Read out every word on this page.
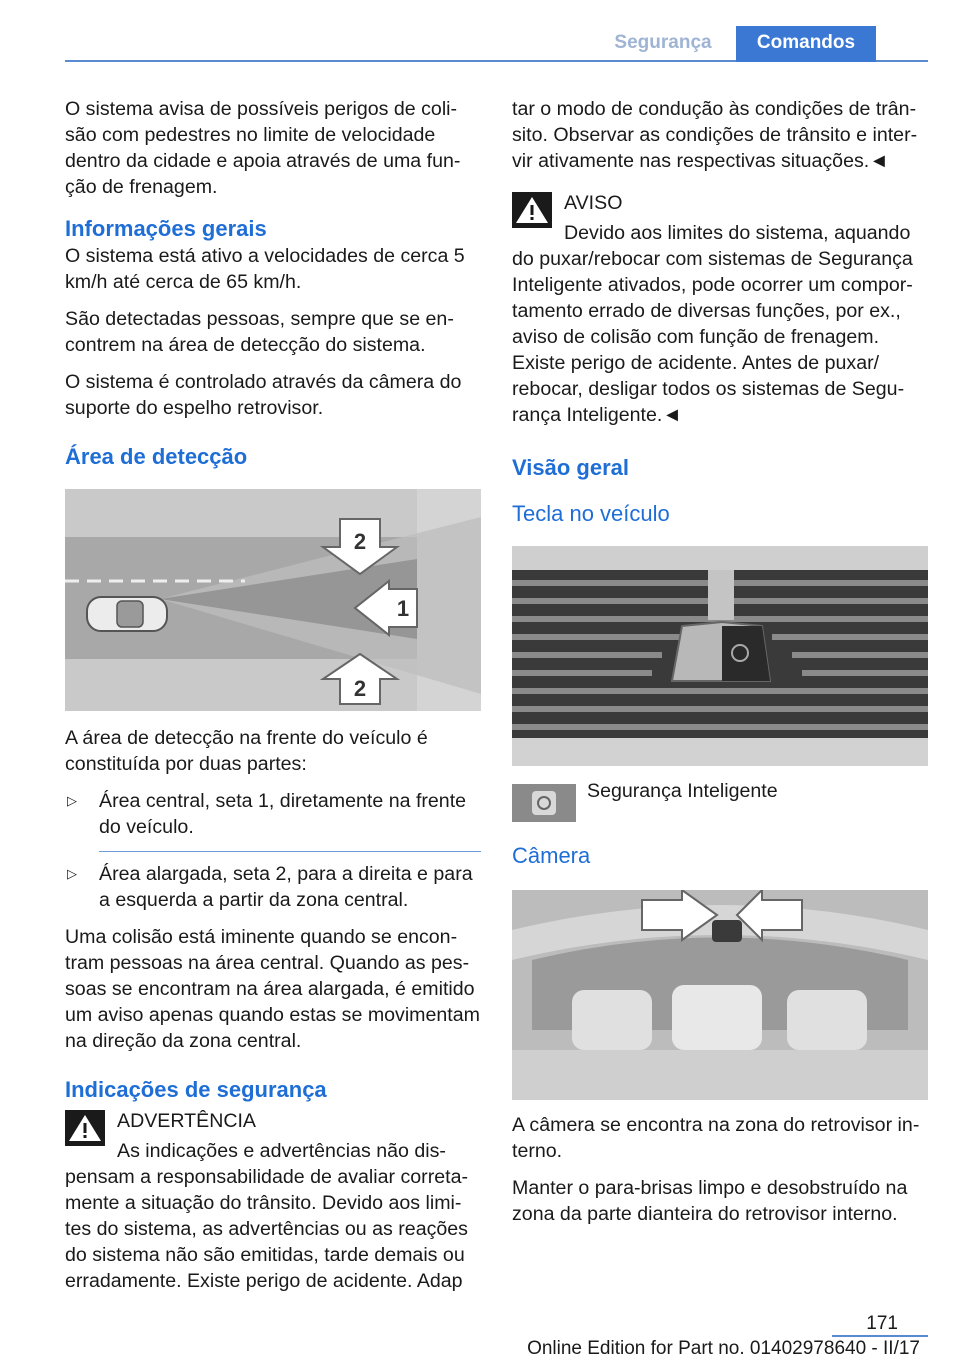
Segurança	Comandos

O sistema avisa de possíveis perigos de colisão com pedestres no limite de velocidade dentro da cidade e apoia através de uma função de frenagem.

Informações gerais

O sistema está ativo a velocidades de cerca 5 km/h até cerca de 65 km/h.

São detectadas pessoas, sempre que se encontrem na área de detecção do sistema.

O sistema é controlado através da câmera do suporte do espelho retrovisor.

Área de detecção
2
1
2

A área de detecção na frente do veículo é constituída por duas partes:

▷ Área central, seta 1, diretamente na frente do veículo.
▷ Área alargada, seta 2, para a direita e para a esquerda a partir da zona central.

Uma colisão está iminente quando se encontram pessoas na área central. Quando as pessoas se encontram na área alargada, é emitido um aviso apenas quando estas se movimentam na direção da zona central.

Indicações de segurança

ADVERTÊNCIA

As indicações e advertências não dispensam a responsabilidade de avaliar corretamente a situação do trânsito. Devido aos limites do sistema, as advertências ou as reações do sistema não são emitidas, tarde demais ou erradamente. Existe perigo de acidente. Adap

tar o modo de condução às condições de trânsito. Observar as condições de trânsito e intervir ativamente nas respectivas situações.◄

AVISO

Devido aos limites do sistema, aquando do puxar/rebocar com sistemas de Segurança Inteligente ativados, pode ocorrer um comportamento errado de diversas funções, por ex., aviso de colisão com função de frenagem. Existe perigo de acidente. Antes de puxar/ rebocar, desligar todos os sistemas de Segurança Inteligente.◄

Visão geral
Tecla no veículo

Segurança Inteligente

Câmera

A câmera se encontra na zona do retrovisor interno.

Manter o para-brisas limpo e desobstruído na zona da parte dianteira do retrovisor interno.

171
Online Edition for Part no. 01402978640 - II/17
